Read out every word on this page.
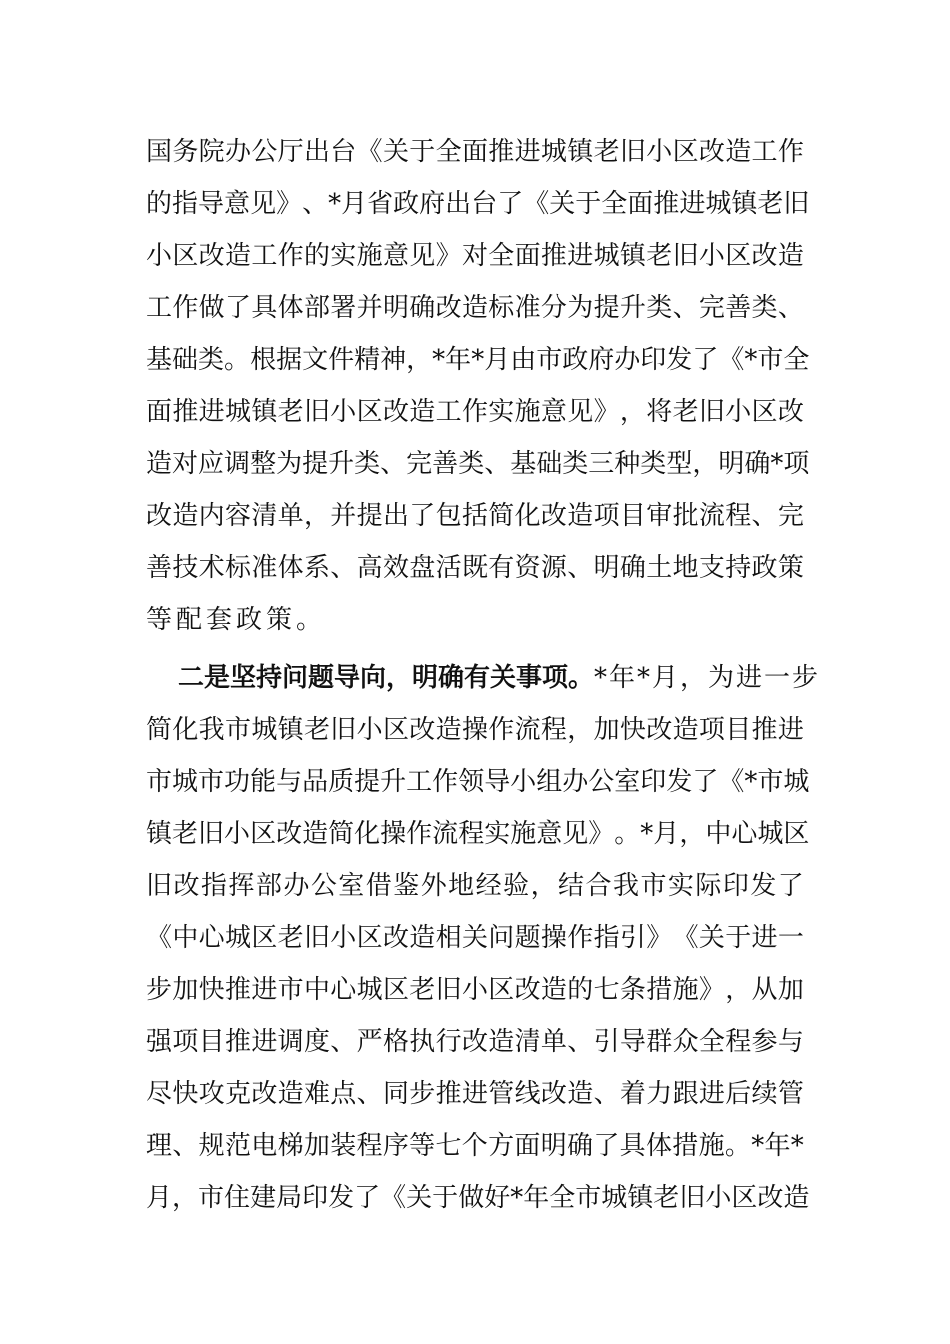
国 务 院 办 公 厅 出 台 《 关 于 全 面 推 进 城 镇 老 旧 小 区 改 造 工 作
的 指 导 意 见 》 、 * 月 省 政 府 出 台 了 《 关 于 全 面 推 进 城 镇 老 旧
小 区 改 造 工 作 的 实 施 意 见 》 对 全 面 推 进 城 镇 老 旧 小 区 改 造
工 作 做 了 具 体 部 署 并 明 确 改 造 标 准 分 为 提 升 类 、 完 善 类 、
基 础 类 。 根 据 文 件 精 神 ， * 年 * 月 由 市 政 府 办 印 发 了 《 * 市 全
面 推 进 城 镇 老 旧 小 区 改 造 工 作 实 施 意 见 》 ， 将 老 旧 小 区 改
造 对 应 调 整 为 提 升 类 、 完 善 类 、 基 础 类 三 种 类 型 ， 明 确 * 项
改 造 内 容 清 单 ， 并 提 出 了 包 括 简 化 改 造 项 目 审 批 流 程 、 完
善 技 术 标 准 体 系 、 高 效 盘 活 既 有 资 源 、 明 确 土 地 支 持 政 策
等配套政策。
二是坚持问题导向，明确有关事项。 *年*月，为进一步
简 化 我 市 城 镇 老 旧 小 区 改 造 操 作 流 程 ， 加 快 改 造 项 目 推 进
市 城 市 功 能 与 品 质 提 升 工 作 领 导 小 组 办 公 室 印 发 了 《 * 市 城
镇 老 旧 小 区 改 造 简 化 操 作 流 程 实 施 意 见 》 。 * 月 ， 中 心 城 区
旧 改 指 挥 部 办 公 室 借 鉴 外 地 经 验 ， 结 合 我 市 实 际 印 发 了
《 中 心 城 区 老 旧 小 区 改 造 相 关 问 题 操 作 指 引 》 《 关 于 进 一
步 加 快 推 进 市 中 心 城 区 老 旧 小 区 改 造 的 七 条 措 施 》 ， 从 加
强 项 目 推 进 调 度 、 严 格 执 行 改 造 清 单 、 引 导 群 众 全 程 参 与
尽 快 攻 克 改 造 难 点 、 同 步 推 进 管 线 改 造 、 着 力 跟 进 后 续 管
理 、 规 范 电 梯 加 装 程 序 等 七 个 方 面 明 确 了 具 体 措 施 。 * 年 *
月 ， 市 住 建 局 印 发 了 《 关 于 做 好 * 年 全 市 城 镇 老 旧 小 区 改 造
